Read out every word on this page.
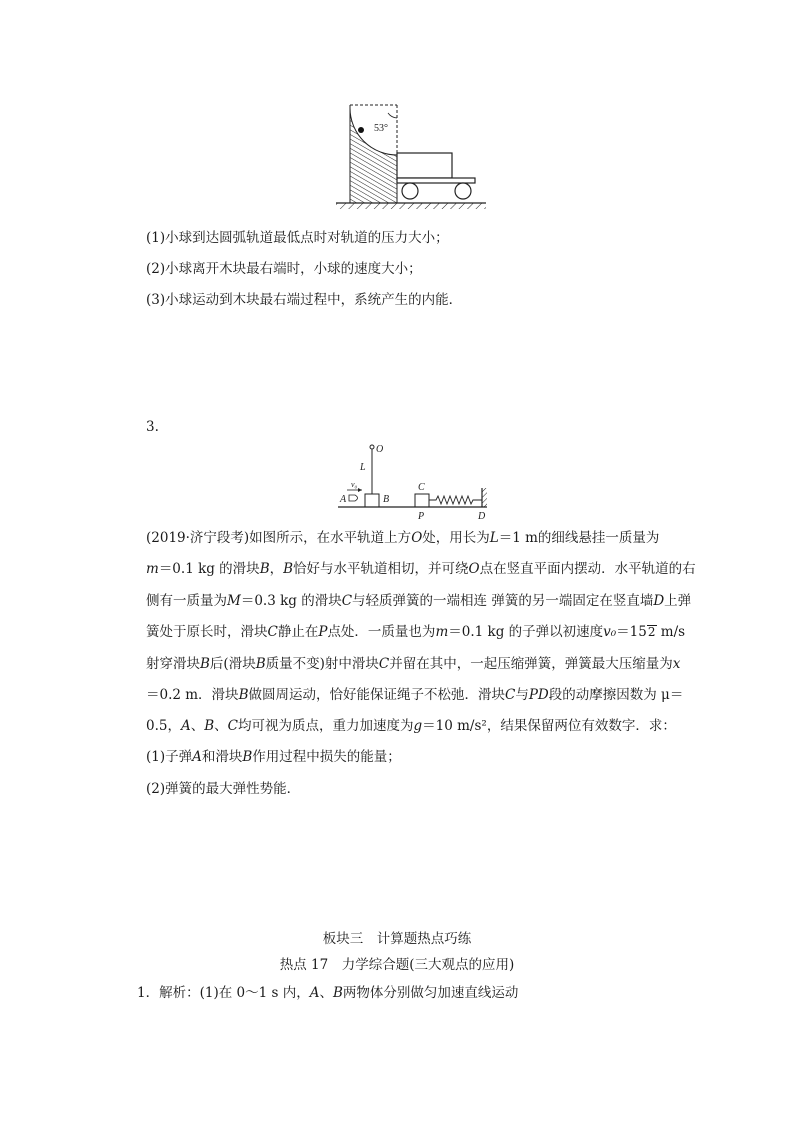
53°
(1)小球到达圆弧轨道最低点时对轨道的压力大小；
(2)小球离开木块最右端时，小球的速度大小；
(3)小球运动到木块最右端过程中，系统产生的内能．
3.
O
L
v₀
A	B
C
P	D
(2019·济宁段考)如图所示，在水平轨道上方O处，用长为L＝1 m的细线悬挂一质量为
m＝0.1 kg 的滑块B，B恰好与水平轨道相切，并可绕O点在竖直平面内摆动．水平轨道的右
侧有一质量为M＝0.3 kg 的滑块C与轻质弹簧的一端相连 弹簧的另一端固定在竖直墙D上弹
簧处于原长时，滑块C静止在P点处．一质量也为m＝0.1 kg 的子弹以初速度v₀＝152 m/s
射穿滑块B后(滑块B质量不变)射中滑块C并留在其中，一起压缩弹簧，弹簧最大压缩量为x
＝0.2 m．滑块B做圆周运动，恰好能保证绳子不松弛．滑块C与PD段的动摩擦因数为 μ＝
0.5，A、B、C均可视为质点，重力加速度为g＝10 m/s²，结果保留两位有效数字．求：
(1)子弹A和滑块B作用过程中损失的能量；
(2)弹簧的最大弹性势能．
板块三　计算题热点巧练
热点 17　力学综合题(三大观点的应用)
1．解析：(1)在 0～1 s 内，A、B两物体分别做匀加速直线运动
